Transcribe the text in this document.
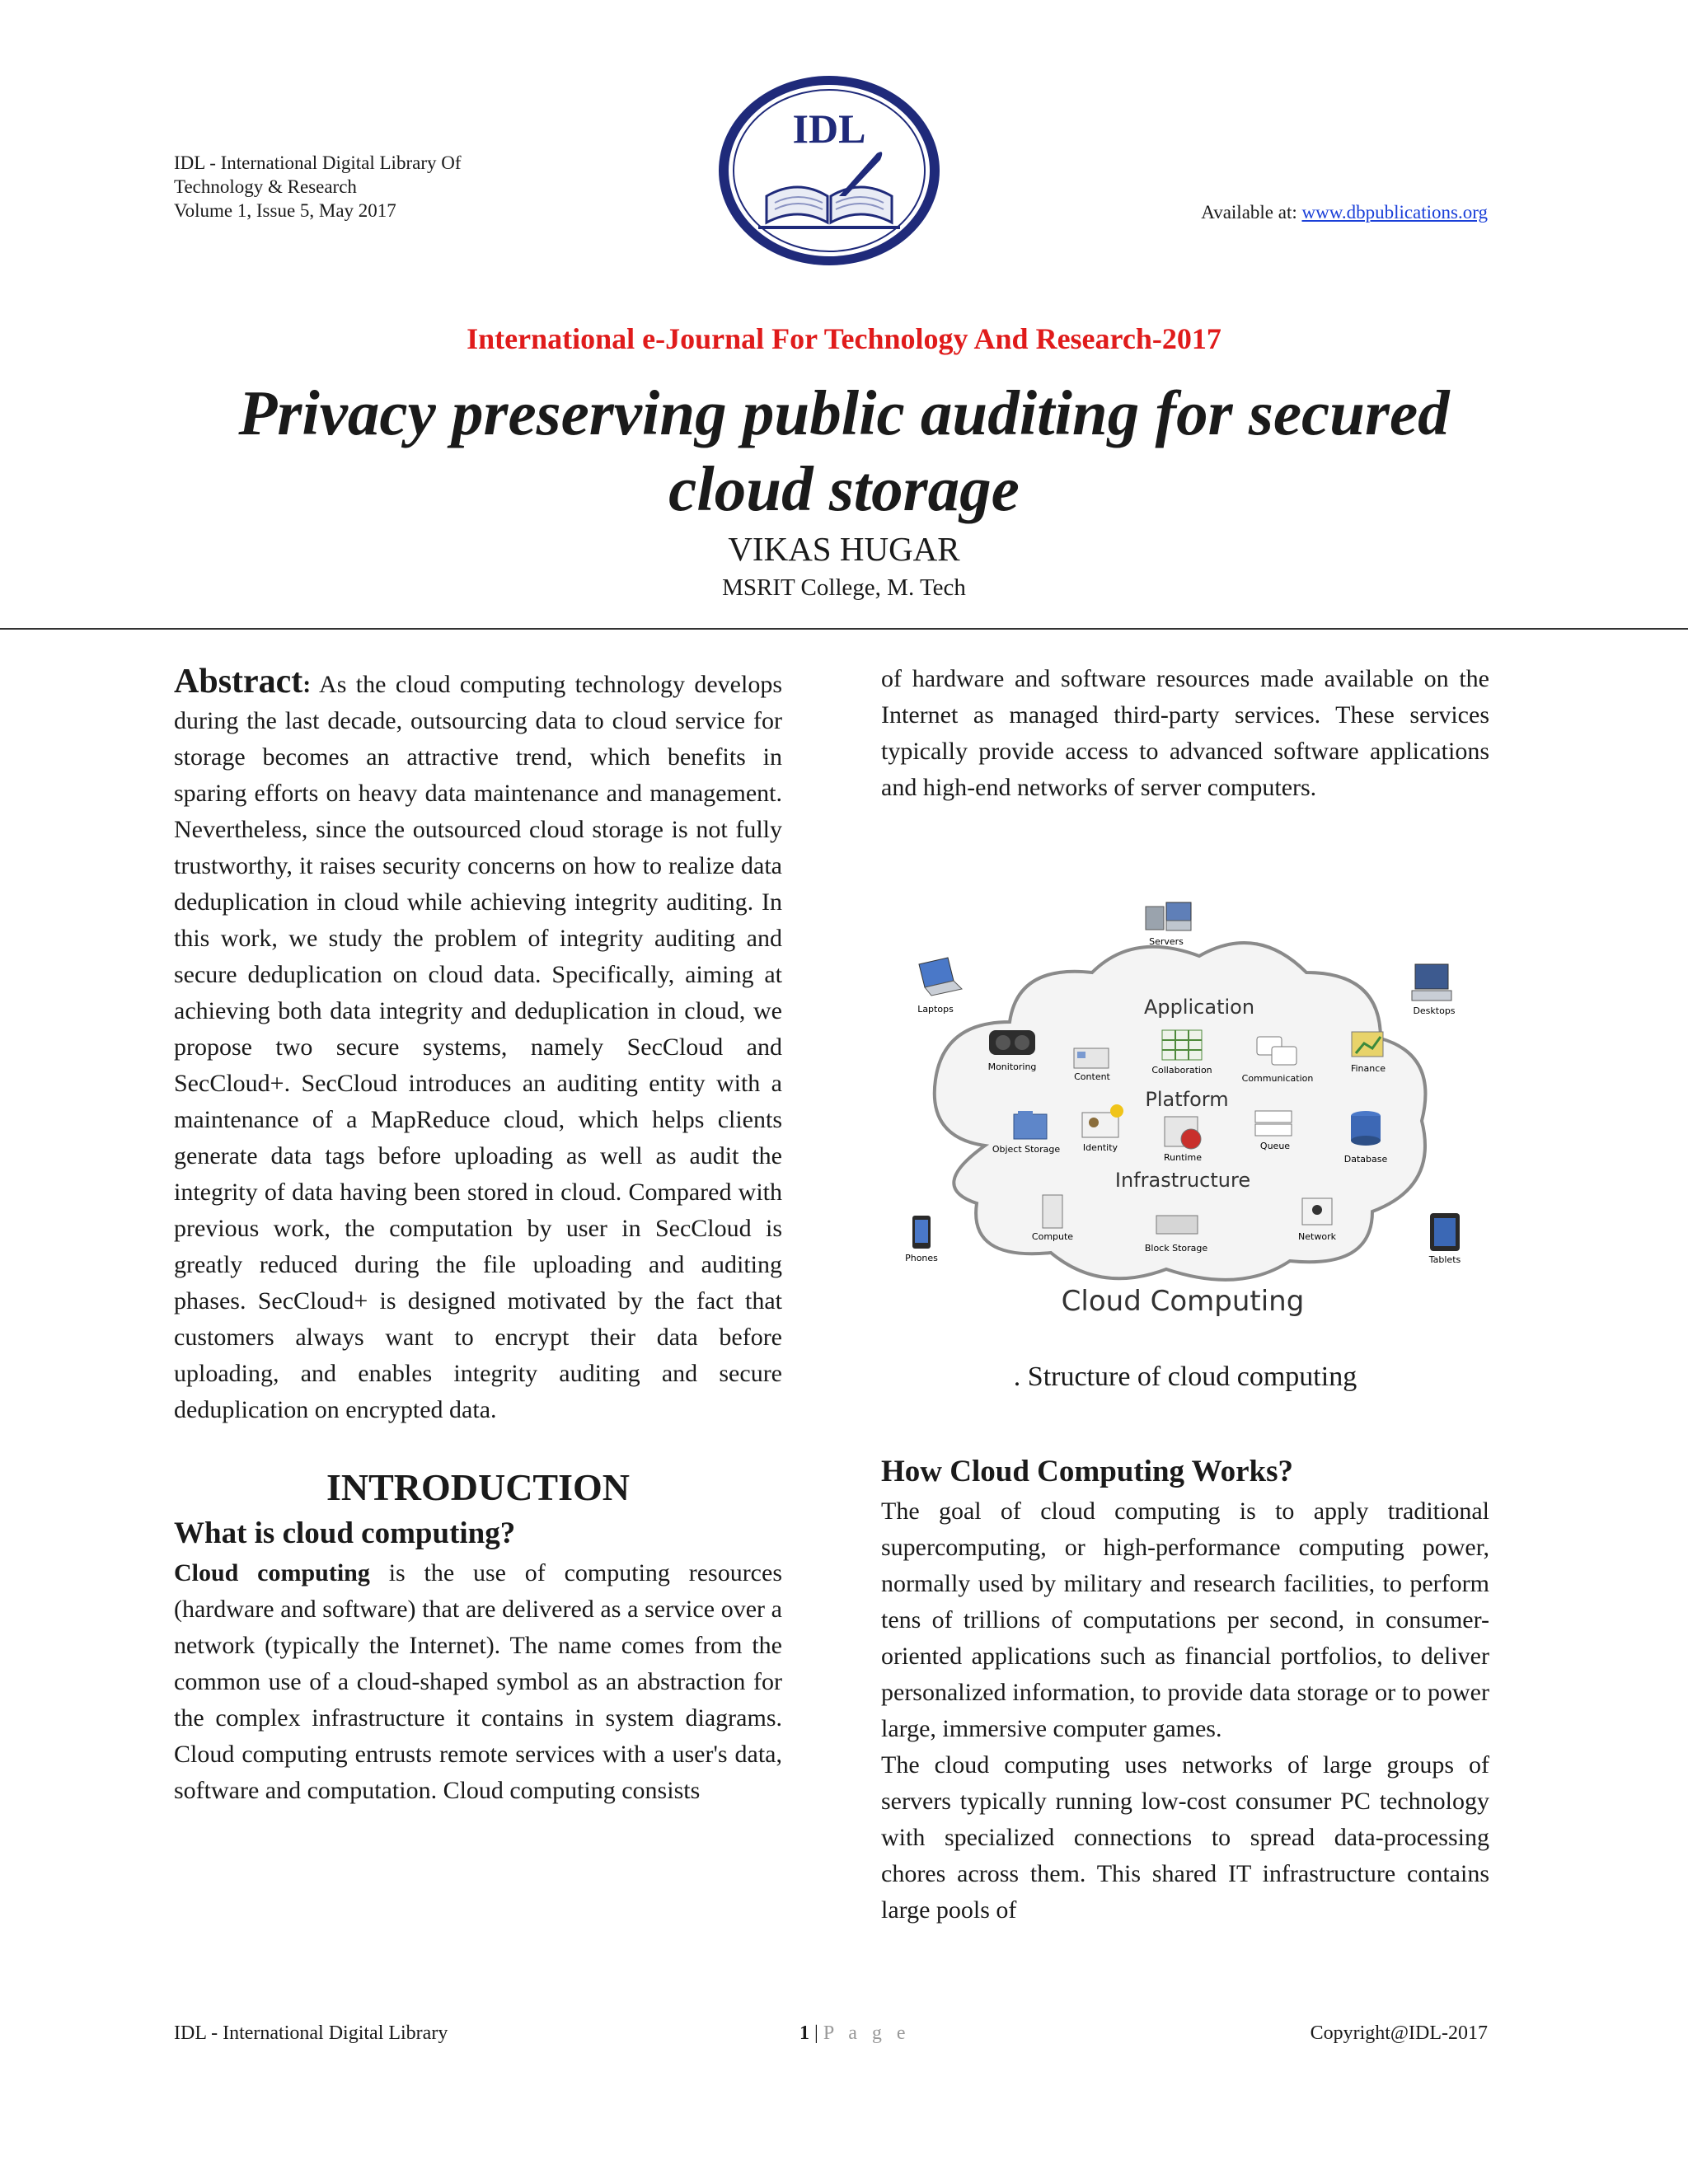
IDL - International Digital Library Of
Technology & Research
Volume 1, Issue 5, May 2017
IDL
Available at: www.dbpublications.org
International e-Journal For Technology And Research-2017
Privacy preserving public auditing for secured
cloud storage
VIKAS HUGAR
MSRIT College, M. Tech

Abstract: As the cloud computing technology develops during the last decade, outsourcing data to cloud service for storage becomes an attractive trend, which benefits in sparing efforts on heavy data maintenance and management. Nevertheless, since the outsourced cloud storage is not fully trustworthy, it raises security concerns on how to realize data deduplication in cloud while achieving integrity auditing. In this work, we study the problem of integrity auditing and secure deduplication on cloud data. Specifically, aiming at achieving both data integrity and deduplication in cloud, we propose two secure systems, namely SecCloud and SecCloud+. SecCloud introduces an auditing entity with a maintenance of a MapReduce cloud, which helps clients generate data tags before uploading as well as audit the integrity of data having been stored in cloud. Compared with previous work, the computation by user in SecCloud is greatly reduced during the file uploading and auditing phases. SecCloud+ is designed motivated by the fact that customers always want to encrypt their data before uploading, and enables integrity auditing and secure deduplication on encrypted data.

INTRODUCTION
What is cloud computing?

Cloud computing is the use of computing resources (hardware and software) that are delivered as a service over a network (typically the Internet). The name comes from the common use of a cloud-shaped symbol as an abstraction for the complex infrastructure it contains in system diagrams. Cloud computing entrusts remote services with a user's data, software and computation. Cloud computing consists

of hardware and software resources made available on the Internet as managed third-party services. These services typically provide access to advanced software applications and high-end networks of server computers.

Servers
Laptops	Desktops
Phones	Tablets
Application
Monitoring
Content
Collaboration
Communication
Finance
Platform
Object Storage	Identity
Runtime
Queue
Database
Infrastructure
Compute
Block Storage
Network
Cloud Computing
. Structure of cloud computing
How Cloud Computing Works?

The goal of cloud computing is to apply traditional supercomputing, or high-performance computing power, normally used by military and research facilities, to perform tens of trillions of computations per second, in consumer-oriented applications such as financial portfolios, to deliver personalized information, to provide data storage or to power large, immersive computer games.

The cloud computing uses networks of large groups of servers typically running low-cost consumer PC technology with specialized connections to spread data-processing chores across them. This shared IT infrastructure contains large pools of

IDL - International Digital Library	1 | P a g e	Copyright@IDL-2017
